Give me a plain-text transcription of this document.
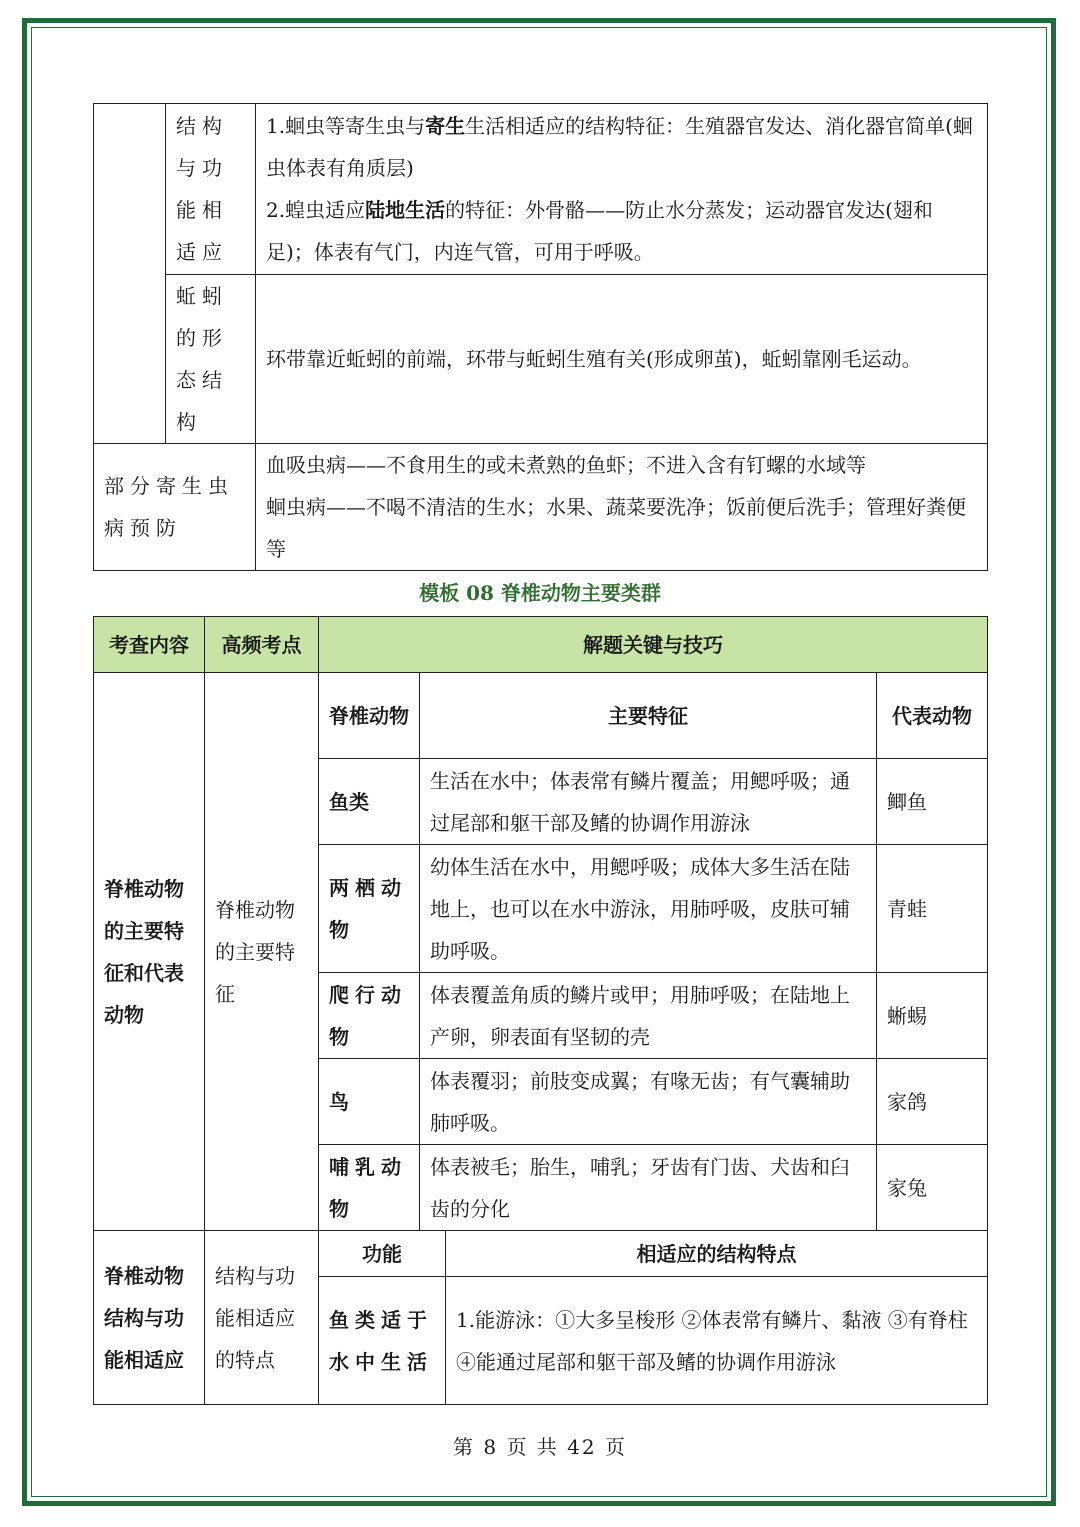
	结构与功能相适应	1.蛔虫等寄生虫与寄生生活相适应的结构特征：生殖器官发达、消化器官简单(蛔虫体表有角质层)
2.蝗虫适应陆地生活的特征：外骨骼——防止水分蒸发；运动器官发达(翅和足)；体表有气门，内连气管，可用于呼吸。
	蚯蚓的形态结构	环带靠近蚯蚓的前端，环带与蚯蚓生殖有关(形成卵茧)，蚯蚓靠刚毛运动。
部分寄生虫病预防		血吸虫病——不食用生的或未煮熟的鱼虾；不进入含有钉螺的水域等
蛔虫病——不喝不清洁的生水；水果、蔬菜要洗净；饭前便后洗手；管理好粪便等
模板 08 脊椎动物主要类群
考查内容	高频考点	解题关键与技巧		
脊椎动物的主要特征和代表动物	脊椎动物的主要特征	脊椎动物	主要特征	代表动物
		鱼类	生活在水中；体表常有鳞片覆盖；用鳃呼吸；通过尾部和躯干部及鳍的协调作用游泳	鲫鱼
		两栖动物	幼体生活在水中，用鳃呼吸；成体大多生活在陆地上，也可以在水中游泳，用肺呼吸，皮肤可辅助呼吸。	青蛙
		爬行动物	体表覆盖角质的鳞片或甲；用肺呼吸；在陆地上产卵，卵表面有坚韧的壳	蜥蜴
		鸟	体表覆羽；前肢变成翼；有喙无齿；有气囊辅助肺呼吸。	家鸽
		哺乳动物	体表被毛；胎生，哺乳；牙齿有门齿、犬齿和臼齿的分化	家兔
脊椎动物结构与功能相适应	结构与功能相适应的特点	功能	相适应的结构特点
		鱼类适于水中生活	1.能游泳：①大多呈梭形 ②体表常有鳞片、黏液 ③有脊柱
④能通过尾部和躯干部及鳍的协调作用游泳
第 8 页 共 42 页
